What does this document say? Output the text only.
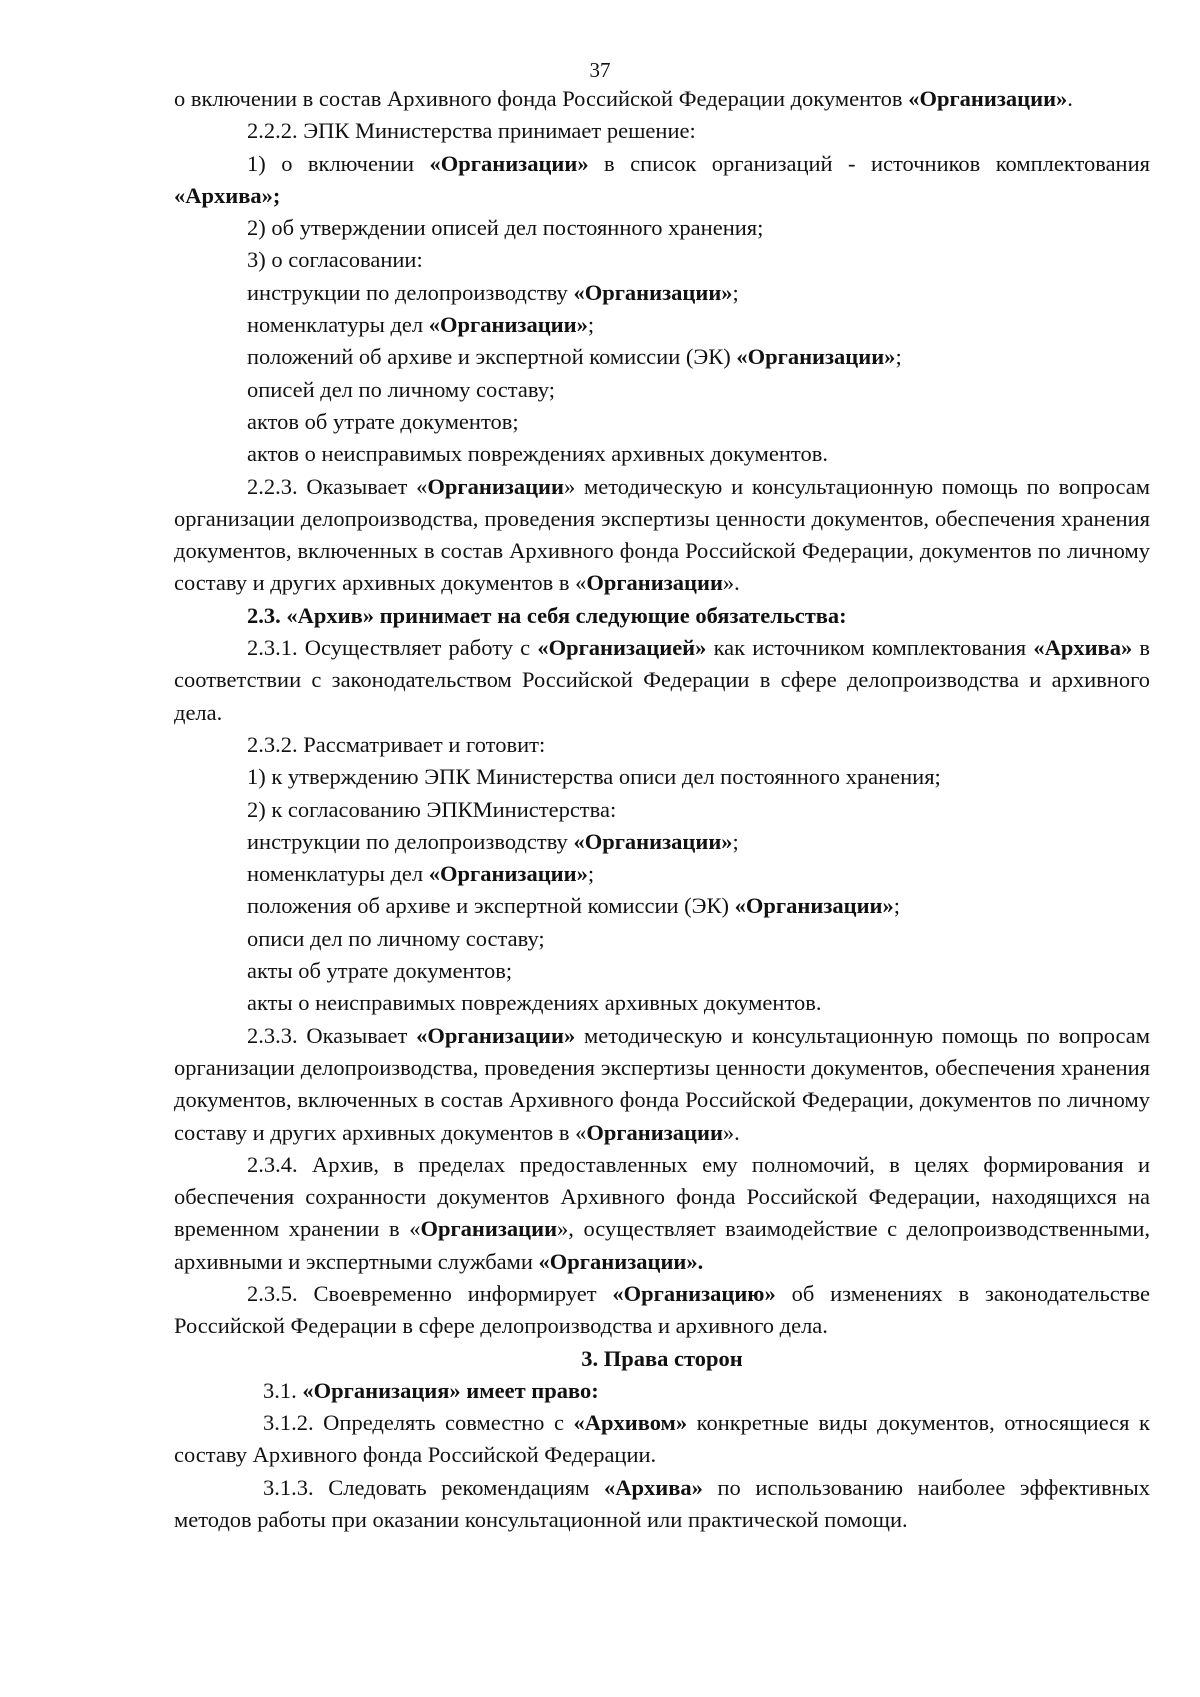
37

о включении в состав Архивного фонда Российской Федерации документов «Организации».

2.2.2. ЭПК Министерства принимает решение:

1) о включении «Организации» в список организаций - источников комплектования «Архива»;

2) об утверждении описей дел постоянного хранения;

3) о согласовании:

инструкции по делопроизводству «Организации»;

номенклатуры дел «Организации»;

положений об архиве и экспертной комиссии (ЭК) «Организации»;

описей дел по личному составу;

актов об утрате документов;

актов о неисправимых повреждениях архивных документов.

2.2.3. Оказывает «Организации» методическую и консультационную помощь по вопросам организации делопроизводства, проведения экспертизы ценности документов, обеспечения хранения документов, включенных в состав Архивного фонда Российской Федерации, документов по личному составу и других архивных документов в «Организации».

2.3. «Архив» принимает на себя следующие обязательства:

2.3.1. Осуществляет работу с «Организацией» как источником комплектования «Архива» в соответствии с законодательством Российской Федерации в сфере делопроизводства и архивного дела.

2.3.2. Рассматривает и готовит:

1) к утверждению ЭПК Министерства описи дел постоянного хранения;

2) к согласованию ЭПКМинистерства:

инструкции по делопроизводству «Организации»;

номенклатуры дел «Организации»;

положения об архиве и экспертной комиссии (ЭК) «Организации»;

описи дел по личному составу;

акты об утрате документов;

акты о неисправимых повреждениях архивных документов.

2.3.3. Оказывает «Организации» методическую и консультационную помощь по вопросам организации делопроизводства, проведения экспертизы ценности документов, обеспечения хранения документов, включенных в состав Архивного фонда Российской Федерации, документов по личному составу и других архивных документов в «Организации».

2.3.4. Архив, в пределах предоставленных ему полномочий, в целях формирования и обеспечения сохранности документов Архивного фонда Российской Федерации, находящихся на временном хранении в «Организации», осуществляет взаимодействие с делопроизводственными, архивными и экспертными службами «Организации».

2.3.5. Своевременно информирует «Организацию» об изменениях в законодательстве Российской Федерации в сфере делопроизводства и архивного дела.

3. Права сторон

3.1. «Организация» имеет право:

3.1.2. Определять совместно с «Архивом» конкретные виды документов, относящиеся к составу Архивного фонда Российской Федерации.

3.1.3. Следовать рекомендациям «Архива» по использованию наиболее эффективных методов работы при оказании консультационной или практической помощи.
